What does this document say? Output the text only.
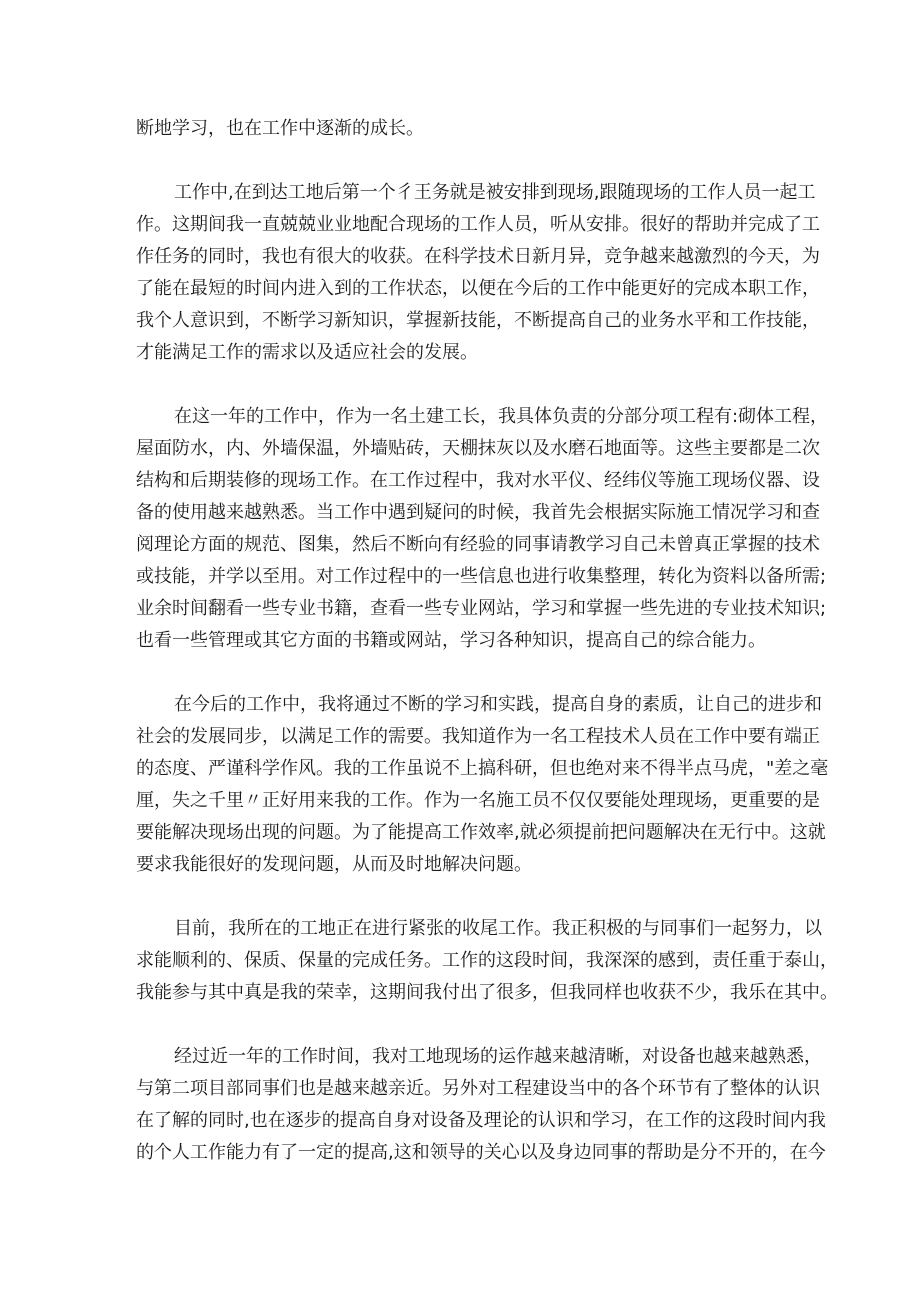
断地学习，也在工作中逐渐的成长。
工作中,在到达工地后第一个彳王务就是被安排到现场,跟随现场的工作人员一起工
作。这期间我一直兢兢业业地配合现场的工作人员，听从安排。很好的帮助并完成了工
作任务的同时，我也有很大的收获。在科学技术日新月异，竞争越来越激烈的今天，为
了能在最短的时间内进入到的工作状态，以便在今后的工作中能更好的完成本职工作，
我个人意识到，不断学习新知识，掌握新技能，不断提高自己的业务水平和工作技能，
才能满足工作的需求以及适应社会的发展。
在这一年的工作中，作为一名土建工长，我具体负责的分部分项工程有:砌体工程，
屋面防水，内、外墙保温，外墙贴砖，天棚抹灰以及水磨石地面等。这些主要都是二次
结构和后期装修的现场工作。在工作过程中，我对水平仪、经纬仪等施工现场仪器、设
备的使用越来越熟悉。当工作中遇到疑问的时候，我首先会根据实际施工情况学习和查
阅理论方面的规范、图集，然后不断向有经验的同事请教学习自己未曾真正掌握的技术
或技能，并学以至用。对工作过程中的一些信息也进行收集整理，转化为资料以备所需;
业余时间翻看一些专业书籍，查看一些专业网站，学习和掌握一些先进的专业技术知识;
也看一些管理或其它方面的书籍或网站，学习各种知识，提高自己的综合能力。
在今后的工作中，我将通过不断的学习和实践，提高自身的素质，让自己的进步和
社会的发展同步，以满足工作的需要。我知道作为一名工程技术人员在工作中要有端正
的态度、严谨科学作风。我的工作虽说不上搞科研，但也绝对来不得半点马虎，"差之毫
厘，失之千里〃正好用来我的工作。作为一名施工员不仅仅要能处理现场，更重要的是
要能解决现场出现的问题。为了能提高工作效率,就必须提前把问题解决在无行中。这就
要求我能很好的发现问题，从而及时地解决问题。
目前，我所在的工地正在进行紧张的收尾工作。我正积极的与同事们一起努力，以
求能顺利的、保质、保量的完成任务。工作的这段时间，我深深的感到，责任重于泰山，
我能参与其中真是我的荣幸，这期间我付出了很多，但我同样也收获不少，我乐在其中。
经过近一年的工作时间，我对工地现场的运作越来越清晰，对设备也越来越熟悉，
与第二项目部同事们也是越来越亲近。另外对工程建设当中的各个环节有了整体的认识
在了解的同时,也在逐步的提高自身对设备及理论的认识和学习，在工作的这段时间内我
的个人工作能力有了一定的提高,这和领导的关心以及身边同事的帮助是分不开的，在今
